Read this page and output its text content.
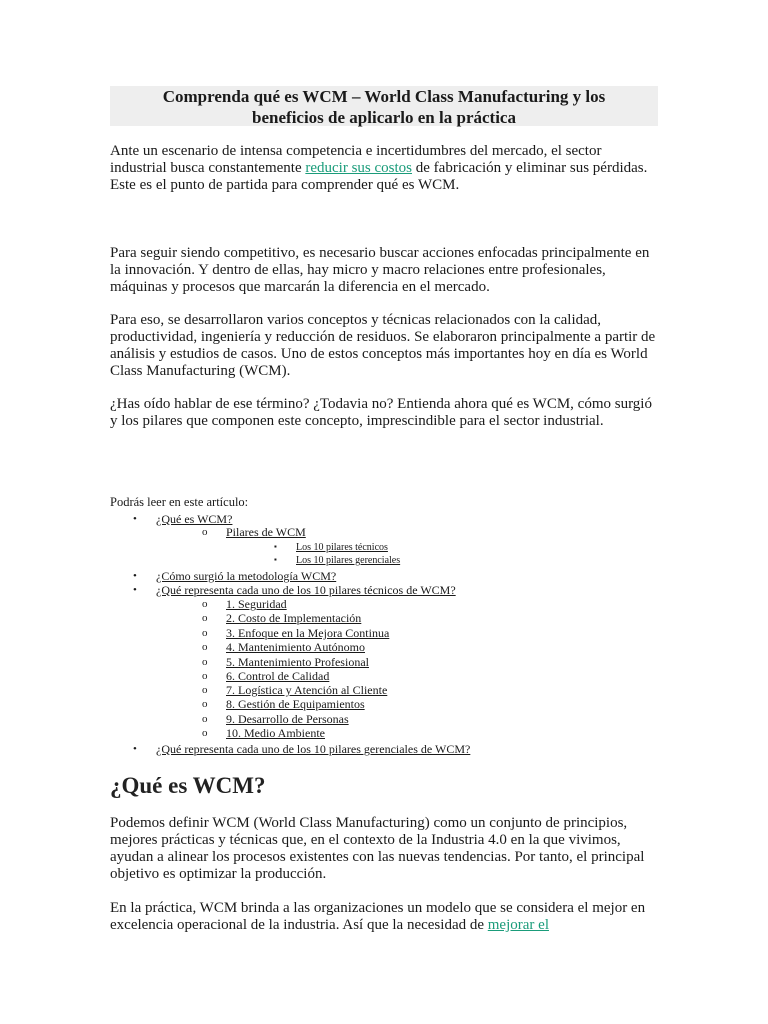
Comprenda qué es WCM – World Class Manufacturing y los
beneficios de aplicarlo en la práctica

Ante un escenario de intensa competencia e incertidumbres del mercado, el sector industrial busca constantemente reducir sus costos de fabricación y eliminar sus pérdidas. Este es el punto de partida para comprender qué es WCM.

Para seguir siendo competitivo, es necesario buscar acciones enfocadas principalmente en la innovación. Y dentro de ellas, hay micro y macro relaciones entre profesionales, máquinas y procesos que marcarán la diferencia en el mercado.

Para eso, se desarrollaron varios conceptos y técnicas relacionados con la calidad, productividad, ingeniería y reducción de residuos. Se elaboraron principalmente a partir de análisis y estudios de casos. Uno de estos conceptos más importantes hoy en día es World Class Manufacturing (WCM).

¿Has oído hablar de ese término? ¿Todavia no? Entienda ahora qué es WCM, cómo surgió y los pilares que componen este concepto, imprescindible para el sector industrial.

Podrás leer en este artículo:
•
o
▪
▪
•
•
o
o
o
o
o
o
o
o
o
o
•
¿Qué es WCM?
Pilares de WCM
Los 10 pilares técnicos
Los 10 pilares gerenciales
¿Cómo surgió la metodología WCM?
¿Qué representa cada uno de los 10 pilares técnicos de WCM?
1. Seguridad
2. Costo de Implementación
3. Enfoque en la Mejora Continua
4. Mantenimiento Autónomo
5. Mantenimiento Profesional
6. Control de Calidad
7. Logística y Atención al Cliente
8. Gestión de Equipamientos
9. Desarrollo de Personas
10. Medio Ambiente
¿Qué representa cada uno de los 10 pilares gerenciales de WCM?
¿Qué es WCM?

Podemos definir WCM (World Class Manufacturing) como un conjunto de principios, mejores prácticas y técnicas que, en el contexto de la Industria 4.0 en la que vivimos, ayudan a alinear los procesos existentes con las nuevas tendencias. Por tanto, el principal objetivo es optimizar la producción.

En la práctica, WCM brinda a las organizaciones un modelo que se considera el mejor en excelencia operacional de la industria. Así que la necesidad de mejorar el
